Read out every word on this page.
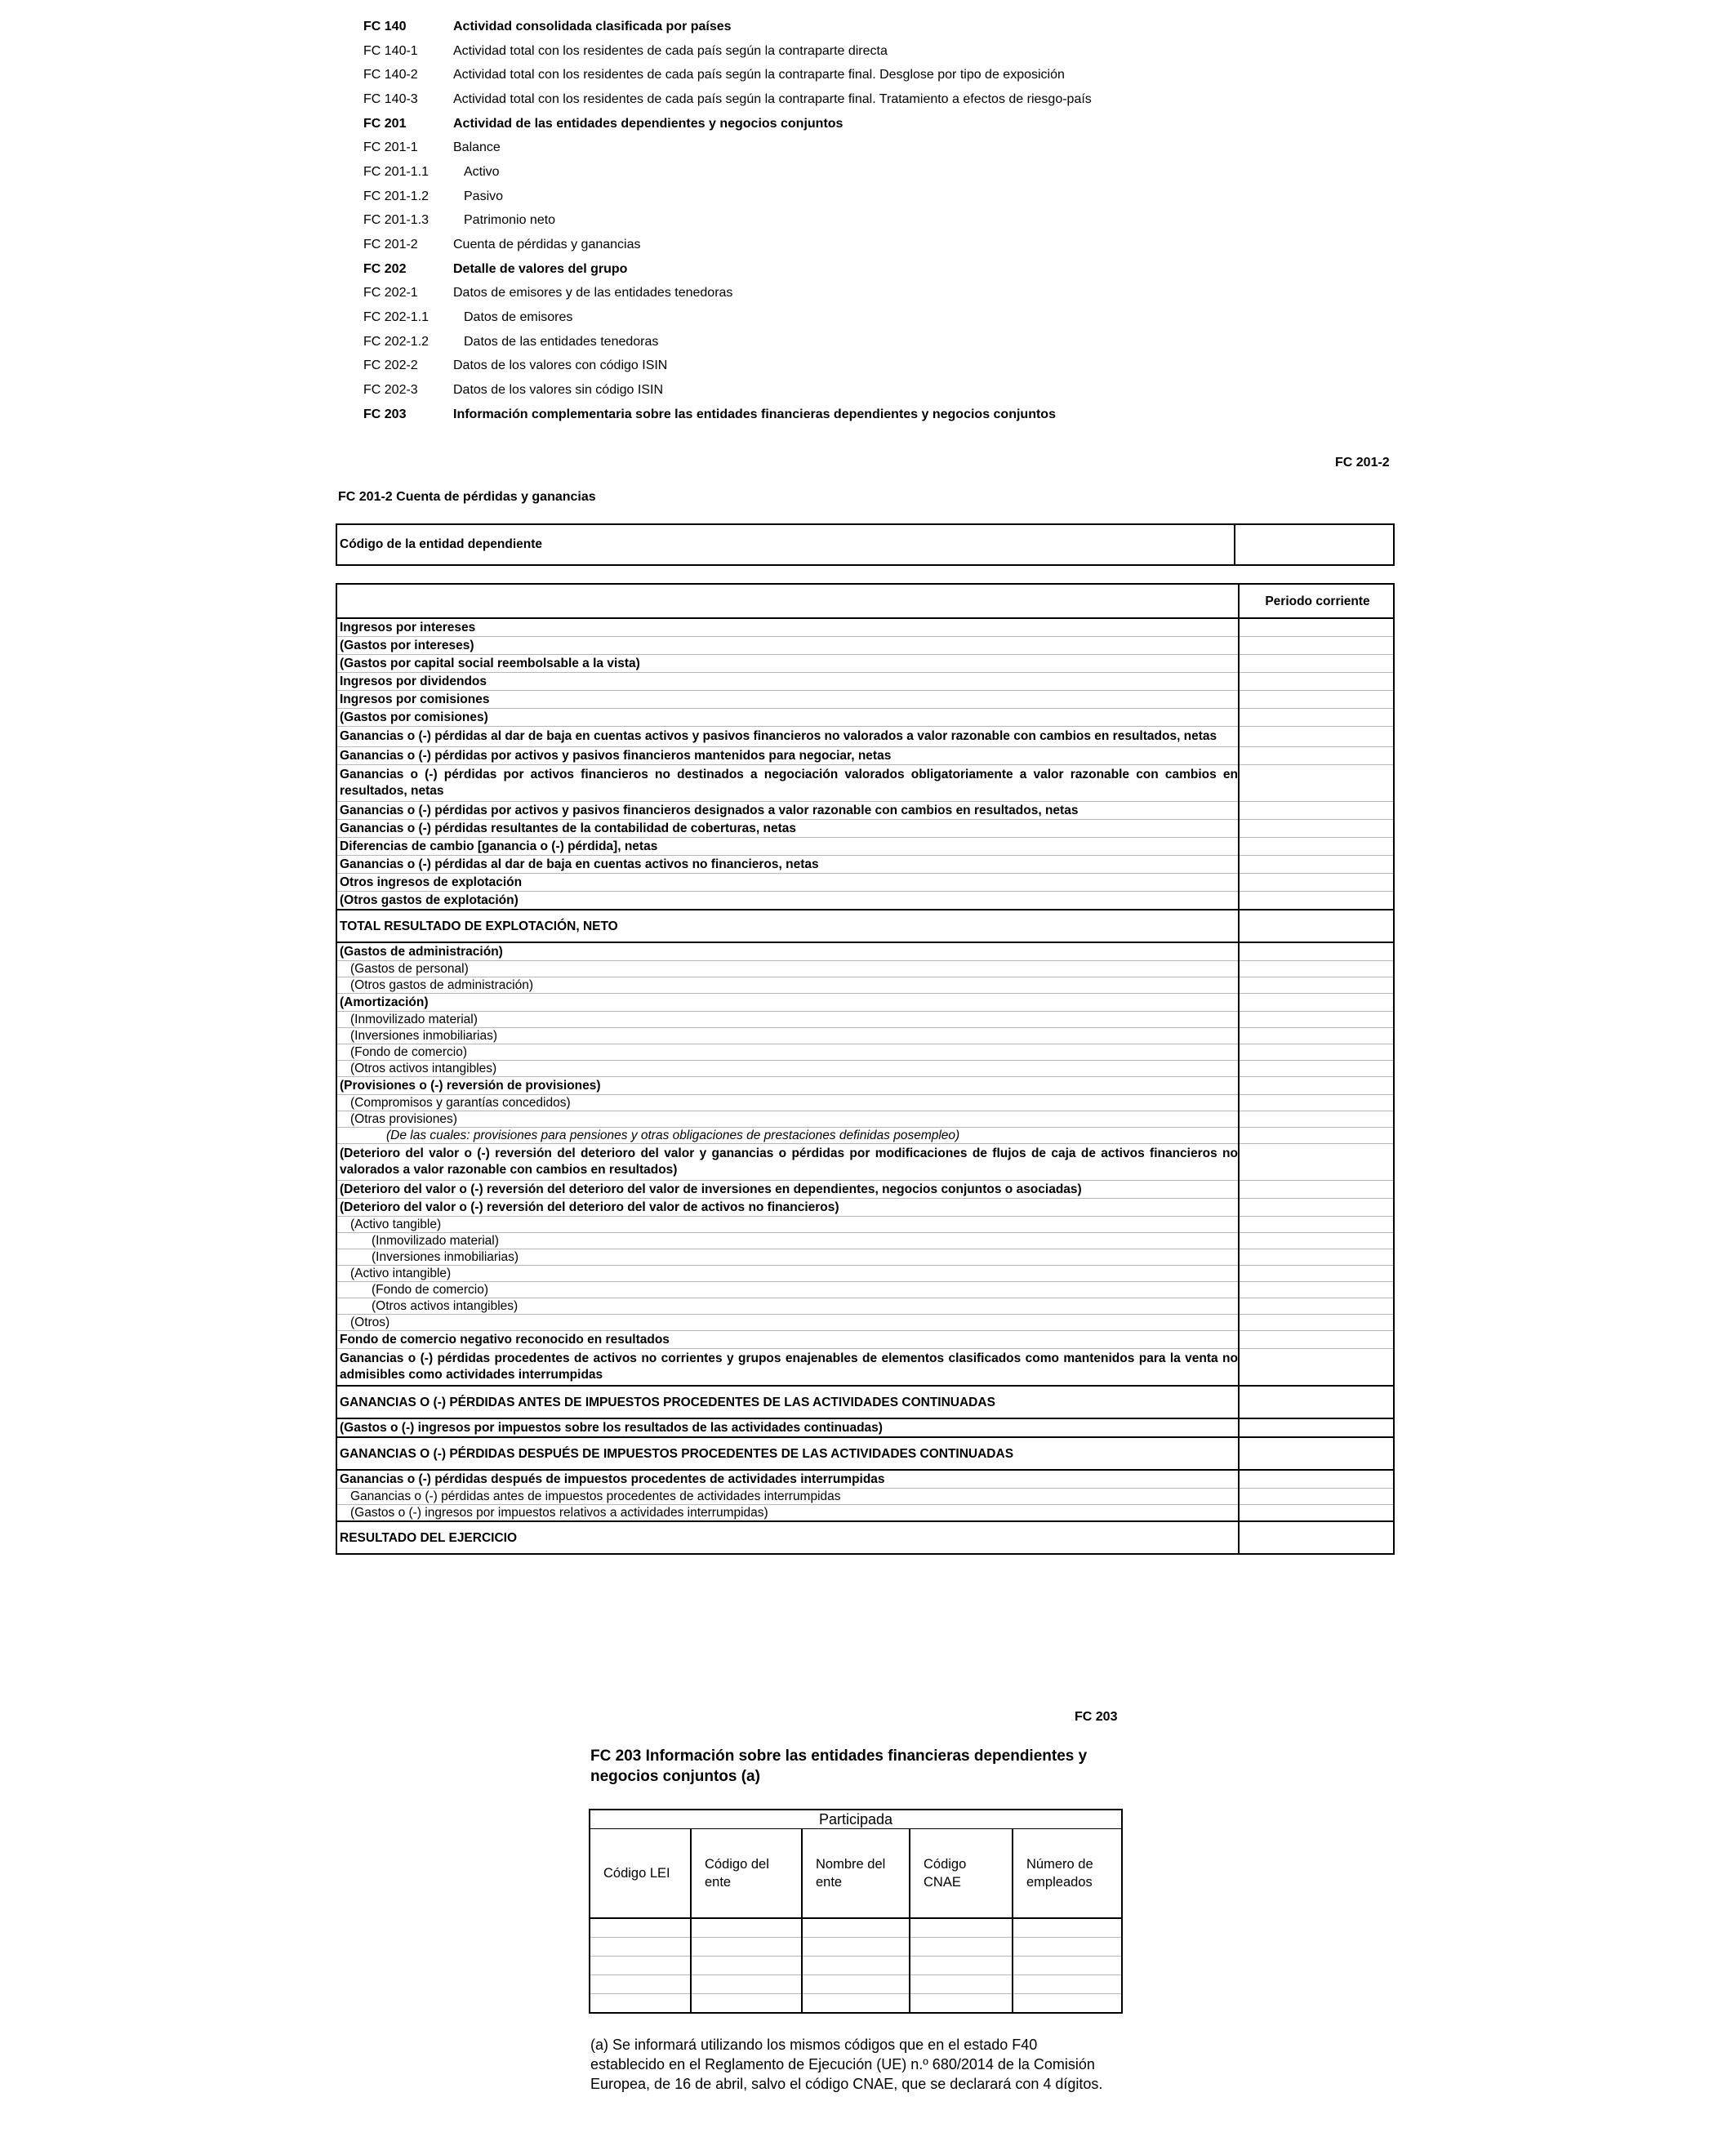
FC 140	Actividad consolidada clasificada por países
FC 140-1	Actividad total con los residentes de cada país según la contraparte directa
FC 140-2	Actividad total con los residentes de cada país según la contraparte final. Desglose por tipo de exposición
FC 140-3	Actividad total con los residentes de cada país según la contraparte final. Tratamiento a efectos de riesgo-país
FC 201	Actividad de las entidades dependientes y negocios conjuntos
FC 201-1	Balance
FC 201-1.1	Activo
FC 201-1.2	Pasivo
FC 201-1.3	Patrimonio neto
FC 201-2	Cuenta de pérdidas y ganancias
FC 202	Detalle de valores del grupo
FC 202-1	Datos de emisores y de las entidades tenedoras
FC 202-1.1	Datos de emisores
FC 202-1.2	Datos de las entidades tenedoras
FC 202-2	Datos de los valores con código ISIN
FC 202-3	Datos de los valores sin código ISIN
FC 203	Información complementaria sobre las entidades financieras dependientes y negocios conjuntos
FC 201-2
FC 201-2 Cuenta de pérdidas y ganancias
Código de la entidad dependiente	
	Periodo corriente
Ingresos por intereses	
(Gastos por intereses)	
(Gastos por capital social reembolsable a la vista)	
Ingresos por dividendos	
Ingresos por comisiones	
(Gastos por comisiones)	
Ganancias o (-) pérdidas al dar de baja en cuentas activos y pasivos financieros no valorados a valor razonable con cambios en resultados, netas	
Ganancias o (-) pérdidas por activos y pasivos financieros mantenidos para negociar, netas	
Ganancias o (-) pérdidas por activos financieros no destinados a negociación valorados obligatoriamente a valor razonable con cambios en resultados, netas	
Ganancias o (-) pérdidas por activos y pasivos financieros designados a valor razonable con cambios en resultados, netas	
Ganancias o (-) pérdidas resultantes de la contabilidad de coberturas, netas	
Diferencias de cambio [ganancia o (-) pérdida], netas	
Ganancias o (-) pérdidas al dar de baja en cuentas activos no financieros, netas	
Otros ingresos de explotación	
(Otros gastos de explotación)	
TOTAL RESULTADO DE EXPLOTACIÓN, NETO	
(Gastos de administración)	
(Gastos de personal)	
(Otros gastos de administración)	
(Amortización)	
(Inmovilizado material)	
(Inversiones inmobiliarias)	
(Fondo de comercio)	
(Otros activos intangibles)	
(Provisiones o (-) reversión de provisiones)	
(Compromisos y garantías concedidos)	
(Otras provisiones)	
(De las cuales: provisiones para pensiones y otras obligaciones de prestaciones definidas posempleo)	
(Deterioro del valor o (-) reversión del deterioro del valor y ganancias o pérdidas por modificaciones de flujos de caja de activos financieros no valorados a valor razonable con cambios en resultados)	
(Deterioro del valor o (-) reversión del deterioro del valor de inversiones en dependientes, negocios conjuntos o asociadas)	
(Deterioro del valor o (-) reversión del deterioro del valor de activos no financieros)	
(Activo tangible)	
(Inmovilizado material)	
(Inversiones inmobiliarias)	
(Activo intangible)	
(Fondo de comercio)	
(Otros activos intangibles)	
(Otros)	
Fondo de comercio negativo reconocido en resultados	
Ganancias o (-) pérdidas procedentes de activos no corrientes y grupos enajenables de elementos clasificados como mantenidos para la venta no admisibles como actividades interrumpidas	
GANANCIAS O (-) PÉRDIDAS ANTES DE IMPUESTOS PROCEDENTES DE LAS ACTIVIDADES CONTINUADAS	
(Gastos o (-) ingresos por impuestos sobre los resultados de las actividades continuadas)	
GANANCIAS O (-) PÉRDIDAS DESPUÉS DE IMPUESTOS PROCEDENTES DE LAS ACTIVIDADES CONTINUADAS	
Ganancias o (-) pérdidas después de impuestos procedentes de actividades interrumpidas	
Ganancias o (-) pérdidas antes de impuestos procedentes de actividades interrumpidas	
(Gastos o (-) ingresos por impuestos relativos a actividades interrumpidas)	
RESULTADO DEL EJERCICIO	
FC 203
FC 203 Información sobre las entidades financieras dependientes y negocios conjuntos (a)
Participada				
Código LEI	Código del ente	Nombre del ente	Código CNAE	Número de empleados

(a) Se informará utilizando los mismos códigos que en el estado F40 establecido en el Reglamento de Ejecución (UE) n.º 680/2014 de la Comisión Europea, de 16 de abril, salvo el código CNAE, que se declarará con 4 dígitos.
